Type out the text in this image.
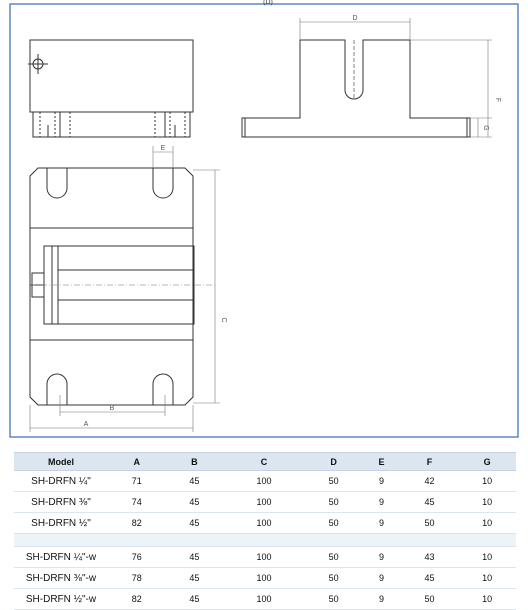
(D)
D
F
G
E
C
B
A
Model	A	B	C	D	E	F	G
SH-DRFN ¼"	71	45	100	50	9	42	10
SH-DRFN ⅜"	74	45	100	50	9	45	10
SH-DRFN ½"	82	45	100	50	9	50	10

SH-DRFN ¼"-w	76	45	100	50	9	43	10
SH-DRFN ⅜"-w	78	45	100	50	9	45	10
SH-DRFN ½"-w	82	45	100	50	9	50	10
